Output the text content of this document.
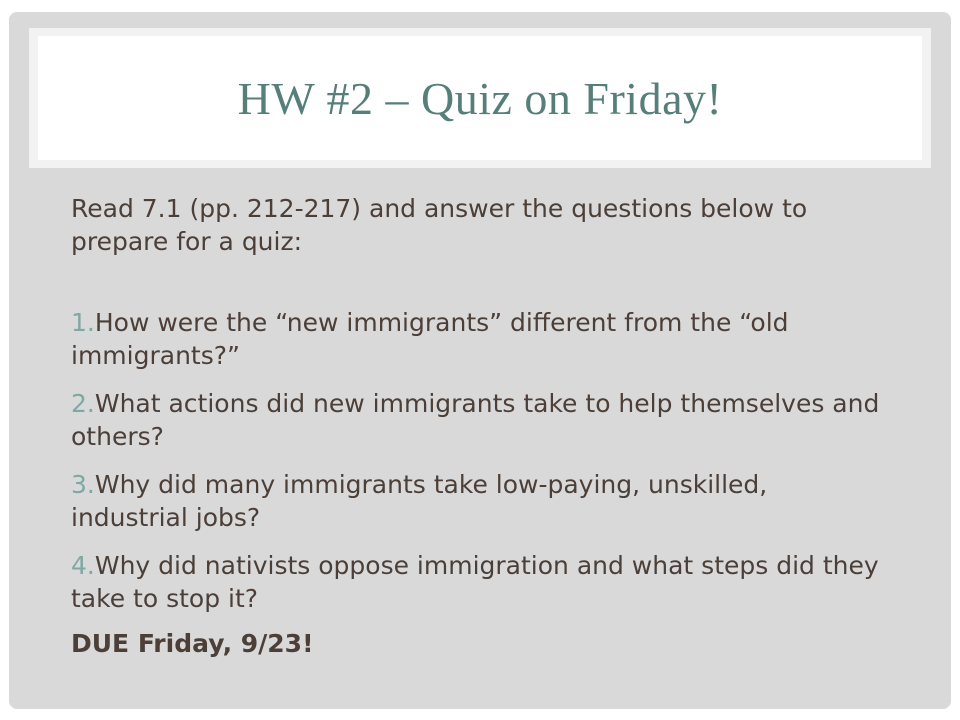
HW #2 – Quiz on Friday!

Read 7.1 (pp. 212-217) and answer the questions below to prepare for a quiz:

1.How were the “new immigrants” different from the “old immigrants?”
2.What actions did new immigrants take to help themselves and others?
3.Why did many immigrants take low-paying, unskilled, industrial jobs?
4.Why did nativists oppose immigration and what steps did they take to stop it?
DUE Friday, 9/23!
